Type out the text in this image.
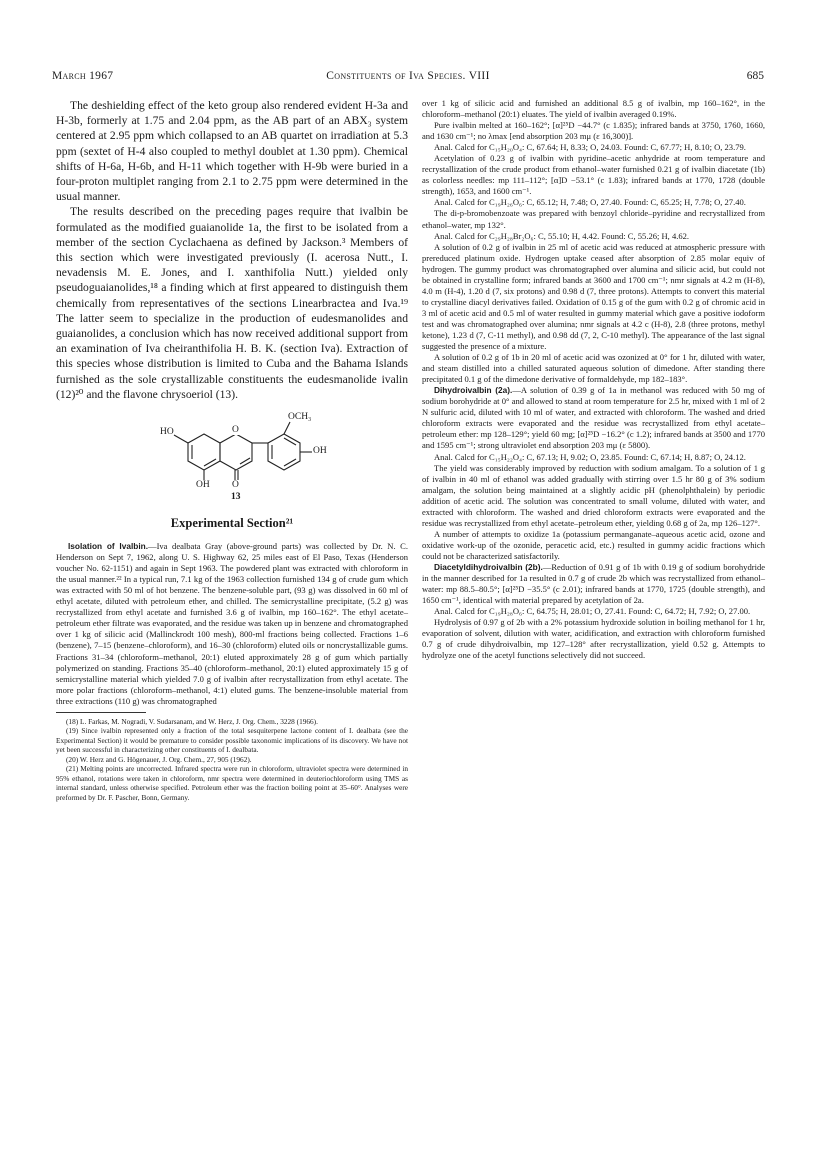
March 1967	Constituents of Iva Species. VIII	685

The deshielding effect of the keto group also rendered evident H-3a and H-3b, formerly at 1.75 and 2.04 ppm, as the AB part of an ABX₃ system centered at 2.95 ppm which collapsed to an AB quartet on irradiation at 5.3 ppm (sextet of H-4 also coupled to methyl doublet at 1.30 ppm). Chemical shifts of H-6a, H-6b, and H-11 which together with H-9b were buried in a four-proton multiplet ranging from 2.1 to 2.75 ppm were determined in the usual manner.

The results described on the preceding pages require that ivalbin be formulated as the modified guaianolide 1a, the first to be isolated from a member of the section Cyclachaena as defined by Jackson.³ Members of this section which were investigated previously (I. acerosa Nutt., I. nevadensis M. E. Jones, and I. xanthifolia Nutt.) yielded only pseudoguaianolides,¹⁸ a finding which at first appeared to distinguish them chemically from representatives of the sections Linearbractea and Iva.¹⁹ The latter seem to specialize in the production of eudesmanolides and guaianolides, a conclusion which has now received additional support from an examination of Iva cheiranthifolia H. B. K. (section Iva). Extraction of this species whose distribution is limited to Cuba and the Bahama Islands furnished as the sole crystallizable constituents the eudesmanolide ivalin (12)²⁰ and the flavone chrysoeriol (13).

HO	O
OCH₃
OH
OH O
13
Experimental Section²¹

Isolation of Ivalbin.—Iva dealbata Gray (above-ground parts) was collected by Dr. N. C. Henderson on Sept 7, 1962, along U. S. Highway 62, 25 miles east of El Paso, Texas (Henderson voucher No. 62-1151) and again in Sept 1963. The powdered plant was extracted with chloroform in the usual manner.²² In a typical run, 7.1 kg of the 1963 collection furnished 134 g of crude gum which was extracted with 50 ml of hot benzene. The benzene-soluble part, (93 g) was dissolved in 60 ml of ethyl acetate, diluted with petroleum ether, and chilled. The semicrystalline precipitate, (5.2 g) was recrystallized from ethyl acetate and furnished 3.6 g of ivalbin, mp 160–162°. The ethyl acetate–petroleum ether filtrate was evaporated, and the residue was taken up in benzene and chromatographed over 1 kg of silicic acid (Mallinckrodt 100 mesh), 800-ml fractions being collected. Fractions 1–6 (benzene), 7–15 (benzene–chloroform), and 16–30 (chloroform) eluted oils or noncrystallizable gums. Fractions 31–34 (chloroform–methanol, 20:1) eluted approximately 28 g of gum which partially polymerized on standing. Fractions 35–40 (chloroform–methanol, 20:1) eluted approximately 15 g of semicrystalline material which yielded 7.0 g of ivalbin after recrystallization from ethyl acetate. The more polar fractions (chloroform–methanol, 4:1) eluted gums. The benzene-insoluble material from three extractions (110 g) was chromatographed

(18) L. Farkas, M. Nogradi, V. Sudarsanam, and W. Herz, J. Org. Chem., 3228 (1966).

(19) Since ivalbin represented only a fraction of the total sesquiterpene lactone content of I. dealbata (see the Experimental Section) it would be premature to consider possible taxonomic implications of its discovery. We have not yet been successful in characterizing other constituents of I. dealbata.

(20) W. Herz and G. Högenauer, J. Org. Chem., 27, 905 (1962).

(21) Melting points are uncorrected. Infrared spectra were run in chloroform, ultraviolet spectra were determined in 95% ethanol, rotations were taken in chloroform, nmr spectra were determined in deuteriochloroform using TMS as internal standard, unless otherwise specified. Petroleum ether was the fraction boiling point at 35–60°. Analyses were preformed by Dr. F. Pascher, Bonn, Germany.

over 1 kg of silicic acid and furnished an additional 8.5 g of ivalbin, mp 160–162°, in the chloroform–methanol (20:1) eluates. The yield of ivalbin averaged 0.19%.

Pure ivalbin melted at 160–162°; [α]²⁵D −44.7° (c 1.835); infrared bands at 3750, 1760, 1660, and 1630 cm⁻¹; no λmax [end absorption 203 mμ (ε 16,300)].

Anal. Calcd for C₁₅H₂₀O₄: C, 67.64; H, 8.33; O, 24.03. Found: C, 67.77; H, 8.10; O, 23.79.

Acetylation of 0.23 g of ivalbin with pyridine–acetic anhydride at room temperature and recrystallization of the crude product from ethanol–water furnished 0.21 g of ivalbin diacetate (1b) as colorless needles: mp 111–112°; [α]D −53.1° (c 1.83); infrared bands at 1770, 1728 (double strength), 1653, and 1600 cm⁻¹.

Anal. Calcd for C₁₉H₂₆O₆: C, 65.12; H, 7.48; O, 27.40. Found: C, 65.25; H, 7.78; O, 27.40.

The di-p-bromobenzoate was prepared with benzoyl chloride–pyridine and recrystallized from ethanol–water, mp 132°.

Anal. Calcd for C₂₉H₂₈Br₂O₆: C, 55.10; H, 4.42. Found: C, 55.26; H, 4.62.

A solution of 0.2 g of ivalbin in 25 ml of acetic acid was reduced at atmospheric pressure with prereduced platinum oxide. Hydrogen uptake ceased after absorption of 2.85 molar equiv of hydrogen. The gummy product was chromatographed over alumina and silicic acid, but could not be obtained in crystalline form; infrared bands at 3600 and 1700 cm⁻¹; nmr signals at 4.2 m (H-8), 4.0 m (H-4), 1.20 d (7, six protons) and 0.98 d (7, three protons). Attempts to convert this material to crystalline diacyl derivatives failed. Oxidation of 0.15 g of the gum with 0.2 g of chromic acid in 3 ml of acetic acid and 0.5 ml of water resulted in gummy material which gave a positive iodoform test and was chromatographed over alumina; nmr signals at 4.2 c (H-8), 2.8 (three protons, methyl ketone), 1.23 d (7, C-11 methyl), and 0.98 dd (7, 2, C-10 methyl). The appearance of the last signal suggested the presence of a mixture.

A solution of 0.2 g of 1b in 20 ml of acetic acid was ozonized at 0° for 1 hr, diluted with water, and steam distilled into a chilled saturated aqueous solution of dimedone. After standing there precipitated 0.1 g of the dimedone derivative of formaldehyde, mp 182–183°.

Dihydroivalbin (2a).—A solution of 0.39 g of 1a in methanol was reduced with 50 mg of sodium borohydride at 0° and allowed to stand at room temperature for 2.5 hr, mixed with 1 ml of 2 N sulfuric acid, diluted with 10 ml of water, and extracted with chloroform. The washed and dried chloroform extracts were evaporated and the residue was recrystallized from ethyl acetate–petroleum ether: mp 128–129°; yield 60 mg; [α]²⁵D −16.2° (c 1.2); infrared bands at 3500 and 1770 and 1595 cm⁻¹; strong ultraviolet end absorption 203 mμ (ε 5800).

Anal. Calcd for C₁₅H₂₂O₄: C, 67.13; H, 9.02; O, 23.85. Found: C, 67.14; H, 8.87; O, 24.12.

The yield was considerably improved by reduction with sodium amalgam. To a solution of 1 g of ivalbin in 40 ml of ethanol was added gradually with stirring over 1.5 hr 80 g of 3% sodium amalgam, the solution being maintained at a slightly acidic pH (phenolphthalein) by periodic addition of acetic acid. The solution was concentrated to small volume, diluted with water, and extracted with chloroform. The washed and dried chloroform extracts were evaporated and the residue was recrystallized from ethyl acetate–petroleum ether, yielding 0.68 g of 2a, mp 126–127°.

A number of attempts to oxidize 1a (potassium permanganate–aqueous acetic acid, ozone and oxidative work-up of the ozonide, peracetic acid, etc.) resulted in gummy acidic fractions which could not be characterized satisfactorily.

Diacetyldihydroivalbin (2b).—Reduction of 0.91 g of 1b with 0.19 g of sodium borohydride in the manner described for 1a resulted in 0.7 g of crude 2b which was recrystallized from ethanol–water: mp 88.5–80.5°; [α]²⁵D −35.5° (c 2.01); infrared bands at 1770, 1725 (double strength), and 1650 cm⁻¹, identical with material prepared by acetylation of 2a.

Anal. Calcd for C₁₉H₂₈O₆: C, 64.75; H, 28.01; O, 27.41. Found: C, 64.72; H, 7.92; O, 27.00.

Hydrolysis of 0.97 g of 2b with a 2% potassium hydroxide solution in boiling methanol for 1 hr, evaporation of solvent, dilution with water, acidification, and extraction with chloroform furnished 0.7 g of crude dihydroivalbin, mp 127–128° after recrystallization, yield 0.52 g. Attempts to hydrolyze one of the acetyl functions selectively did not succeed.
